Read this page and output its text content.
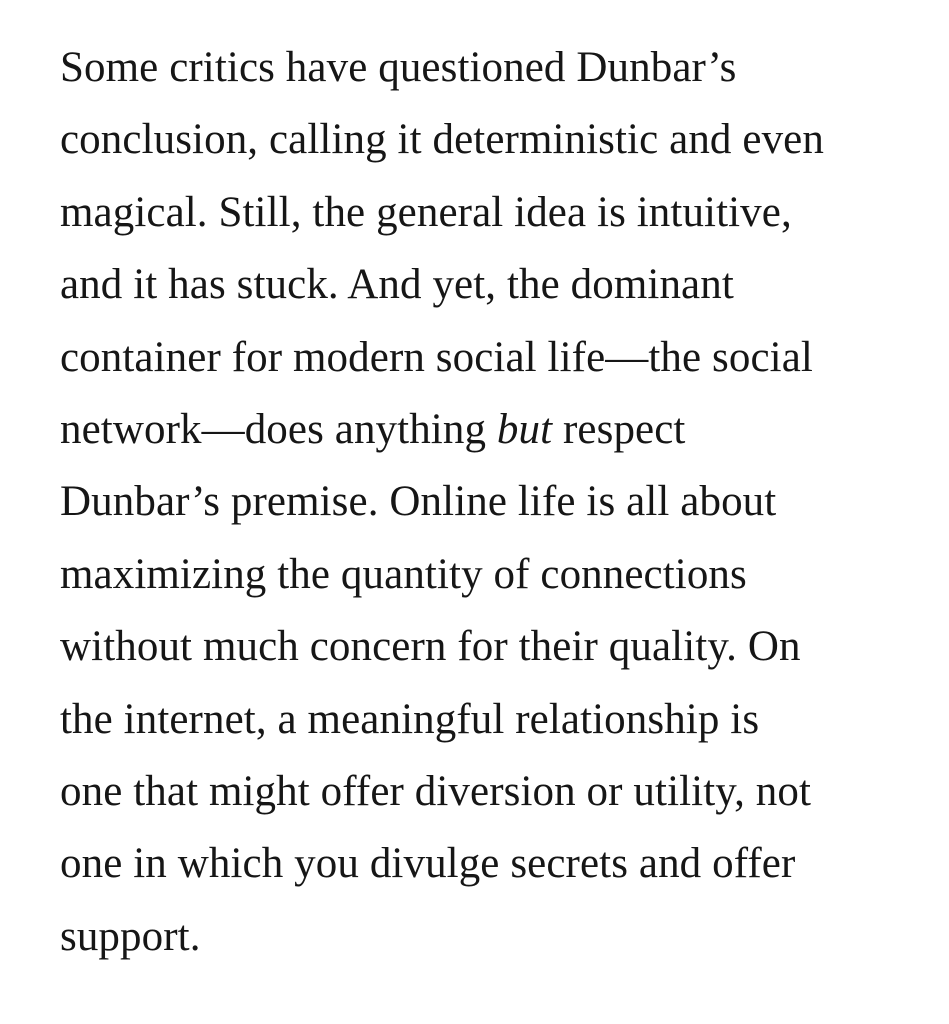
Some critics have questioned Dunbar’s
conclusion, calling it deterministic and even
magical. Still, the general idea is intuitive,
and it has stuck. And yet, the dominant
container for modern social life—the social
network—does anything but respect
Dunbar’s premise. Online life is all about
maximizing the quantity of connections
without much concern for their quality. On
the internet, a meaningful relationship is
one that might offer diversion or utility, not
one in which you divulge secrets and offer
support.
